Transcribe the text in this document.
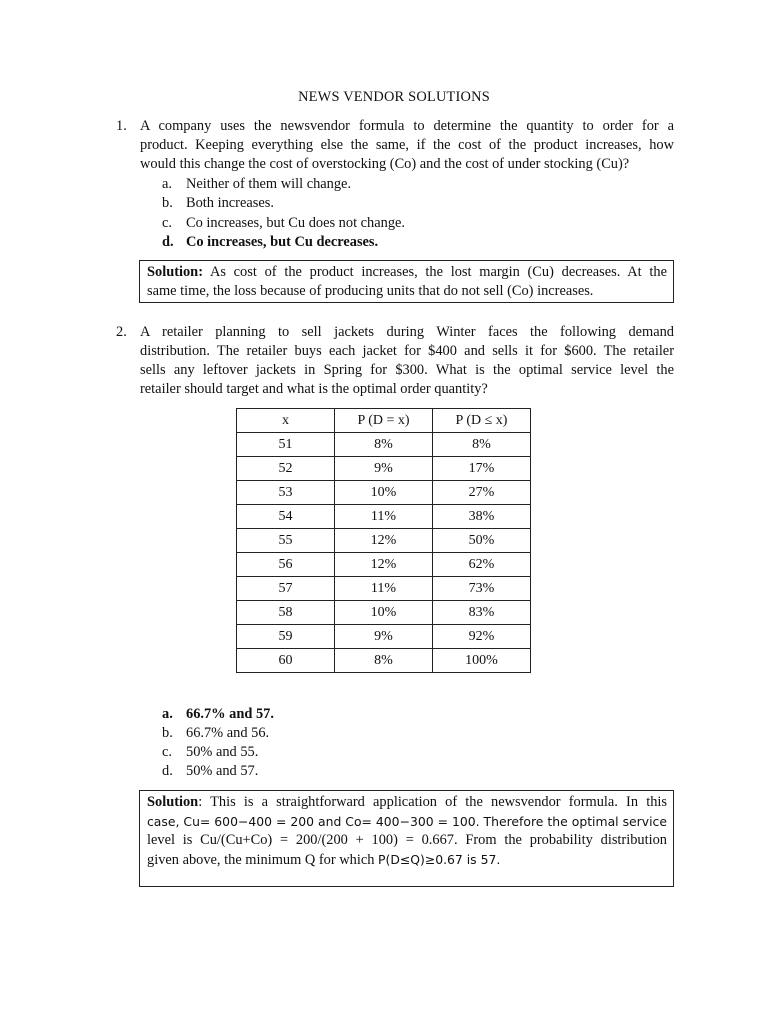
NEWS VENDOR SOLUTIONS
1. A company uses the newsvendor formula to determine the quantity to order for a
product. Keeping everything else the same, if the cost of the product increases, how
would this change the cost of overstocking (Co) and the cost of under stocking (Cu)?
a. Neither of them will change.
b. Both increases.
c. Co increases, but Cu does not change.
d. Co increases, but Cu decreases.
Solution: As cost of the product increases, the lost margin (Cu) decreases. At the
same time, the loss because of producing units that do not sell (Co) increases.
2. A retailer planning to sell jackets during Winter faces the following demand
distribution. The retailer buys each jacket for $400 and sells it for $600. The retailer
sells any leftover jackets in Spring for $300. What is the optimal service level the
retailer should target and what is the optimal order quantity?
x	P (D = x)	P (D ≤ x)
51	8%	8%
52	9%	17%
53	10%	27%
54	11%	38%
55	12%	50%
56	12%	62%
57	11%	73%
58	10%	83%
59	9%	92%
60	8%	100%
a. 66.7% and 57.
b. 66.7% and 56.
c. 50% and 55.
d. 50% and 57.
Solution: This is a straightforward application of the newsvendor formula. In this
case, Cu= 600−400 = 200 and Co= 400−300 = 100. Therefore the optimal service
level is Cu/(Cu+Co) = 200/(200 + 100) = 0.667. From the probability distribution
given above, the minimum Q for which P(D≤Q)≥0.67 is 57.
